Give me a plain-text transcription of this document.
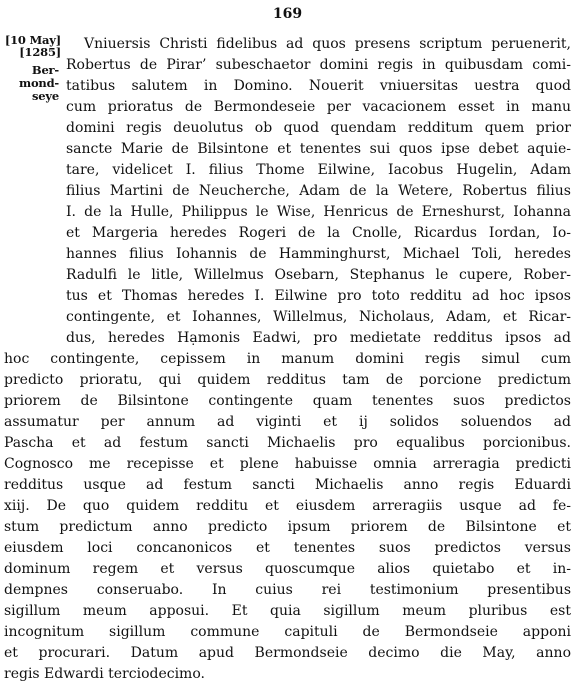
169
[10 May]
[1285]
Ber-
mond-
seye
Vniuersis Christi fidelibus ad quos presens scriptum peruenerit,
Robertus de Pirar’ subeschaetor domini regis in quibusdam comi-
tatibus salutem in Domino. Nouerit vniuersitas uestra quod
cum prioratus de Bermondeseie per vacacionem esset in manu
domini regis deuolutus ob quod quendam redditum quem prior
sancte Marie de Bilsintone et tenentes sui quos ipse debet aquie-
tare, videlicet I. filius Thome Eilwine, Iacobus Hugelin, Adam
filius Martini de Neucherche, Adam de la Wetere, Robertus filius
I. de la Hulle, Philippus le Wise, Henricus de Erneshurst, Iohanna
et Margeria heredes Rogeri de la Cnolle, Ricardus Iordan, Io-
hannes filius Iohannis de Hamminghurst, Michael Toli, heredes
Radulfi le litle, Willelmus Osebarn, Stephanus le cupere, Rober-
tus et Thomas heredes I. Eilwine pro toto redditu ad hoc ipsos
contingente, et Iohannes, Willelmus, Nicholaus, Adam, et Ricar-
dus, heredes Hạmonis Eadwi, pro medietate redditus ipsos ad
hoc contingente, cepissem in manum domini regis simul cum
predicto prioratu, qui quidem redditus tam de porcione predictum
priorem de Bilsintone contingente quam tenentes suos predictos
assumatur per annum ad viginti et ij solidos soluendos ad
Pascha et ad festum sancti Michaelis pro equalibus porcionibus.
Cognosco me recepisse et plene habuisse omnia arreragia predicti
redditus usque ad festum sancti Michaelis anno regis Eduardi
xiij. De quo quidem redditu et eiusdem arreragiis usque ad fe-
stum predictum anno predicto ipsum priorem de Bilsintone et
eiusdem loci concanonicos et tenentes suos predictos versus
dominum regem et versus quoscumque alios quietabo et in-
dempnes conseruabo. In cuius rei testimonium presentibus
sigillum meum apposui. Et quia sigillum meum pluribus est
incognitum sigillum commune capituli de Bermondseie apponi
et procurari. Datum apud Bermondseie decimo die May, anno
regis Edwardi terciodecimo.
